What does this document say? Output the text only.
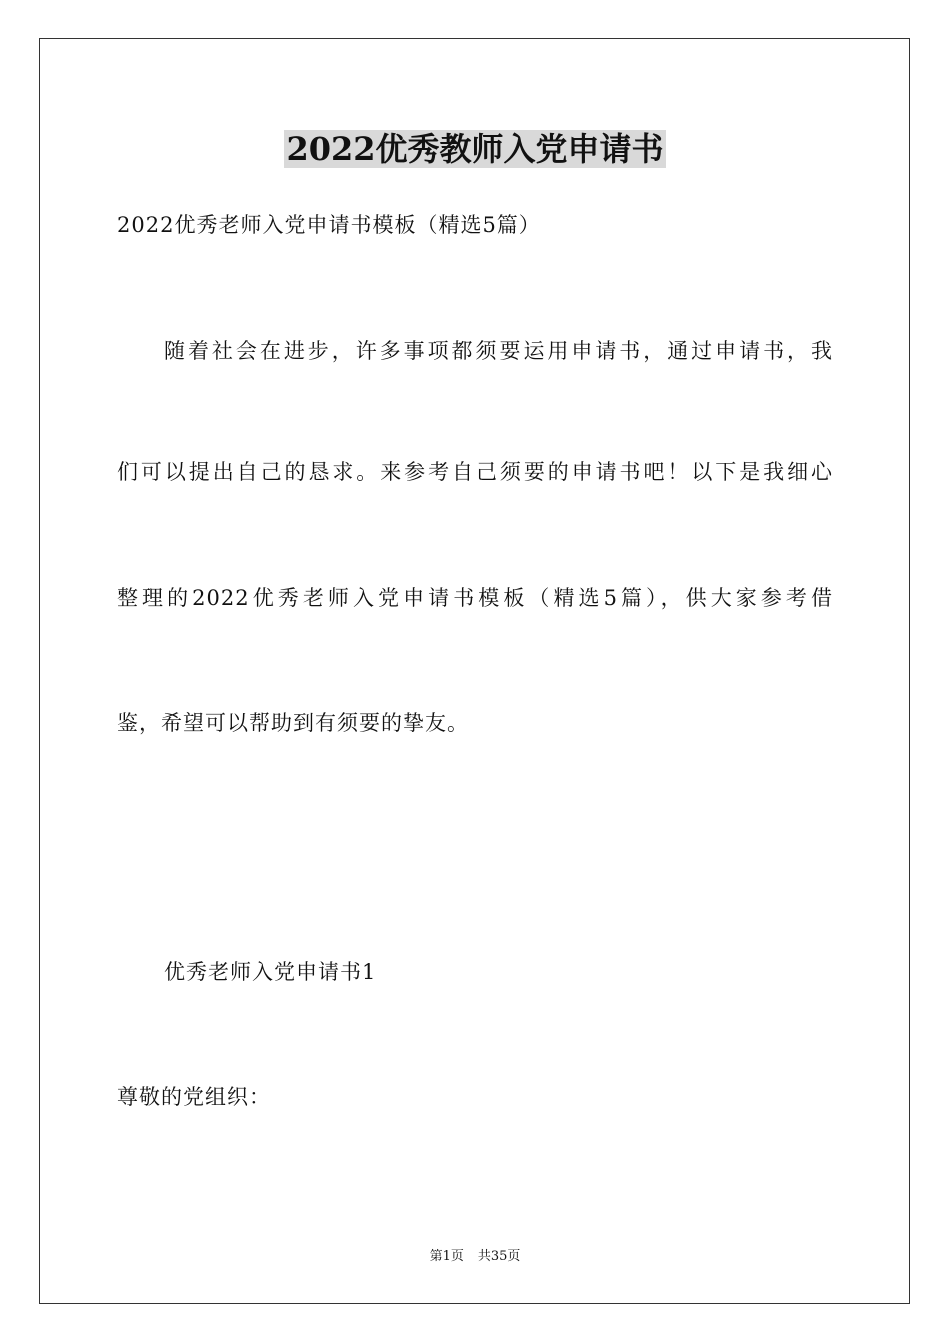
2022优秀教师入党申请书
2022优秀老师入党申请书模板（精选5篇）
随着社会在进步，许多事项都须要运用申请书，通过申请书，我
们可以提出自己的恳求。来参考自己须要的申请书吧！以下是我细心
整理的2022优秀老师入党申请书模板（精选5篇），供大家参考借
鉴，希望可以帮助到有须要的挚友。
优秀老师入党申请书1
尊敬的党组织：
第1页 共35页
